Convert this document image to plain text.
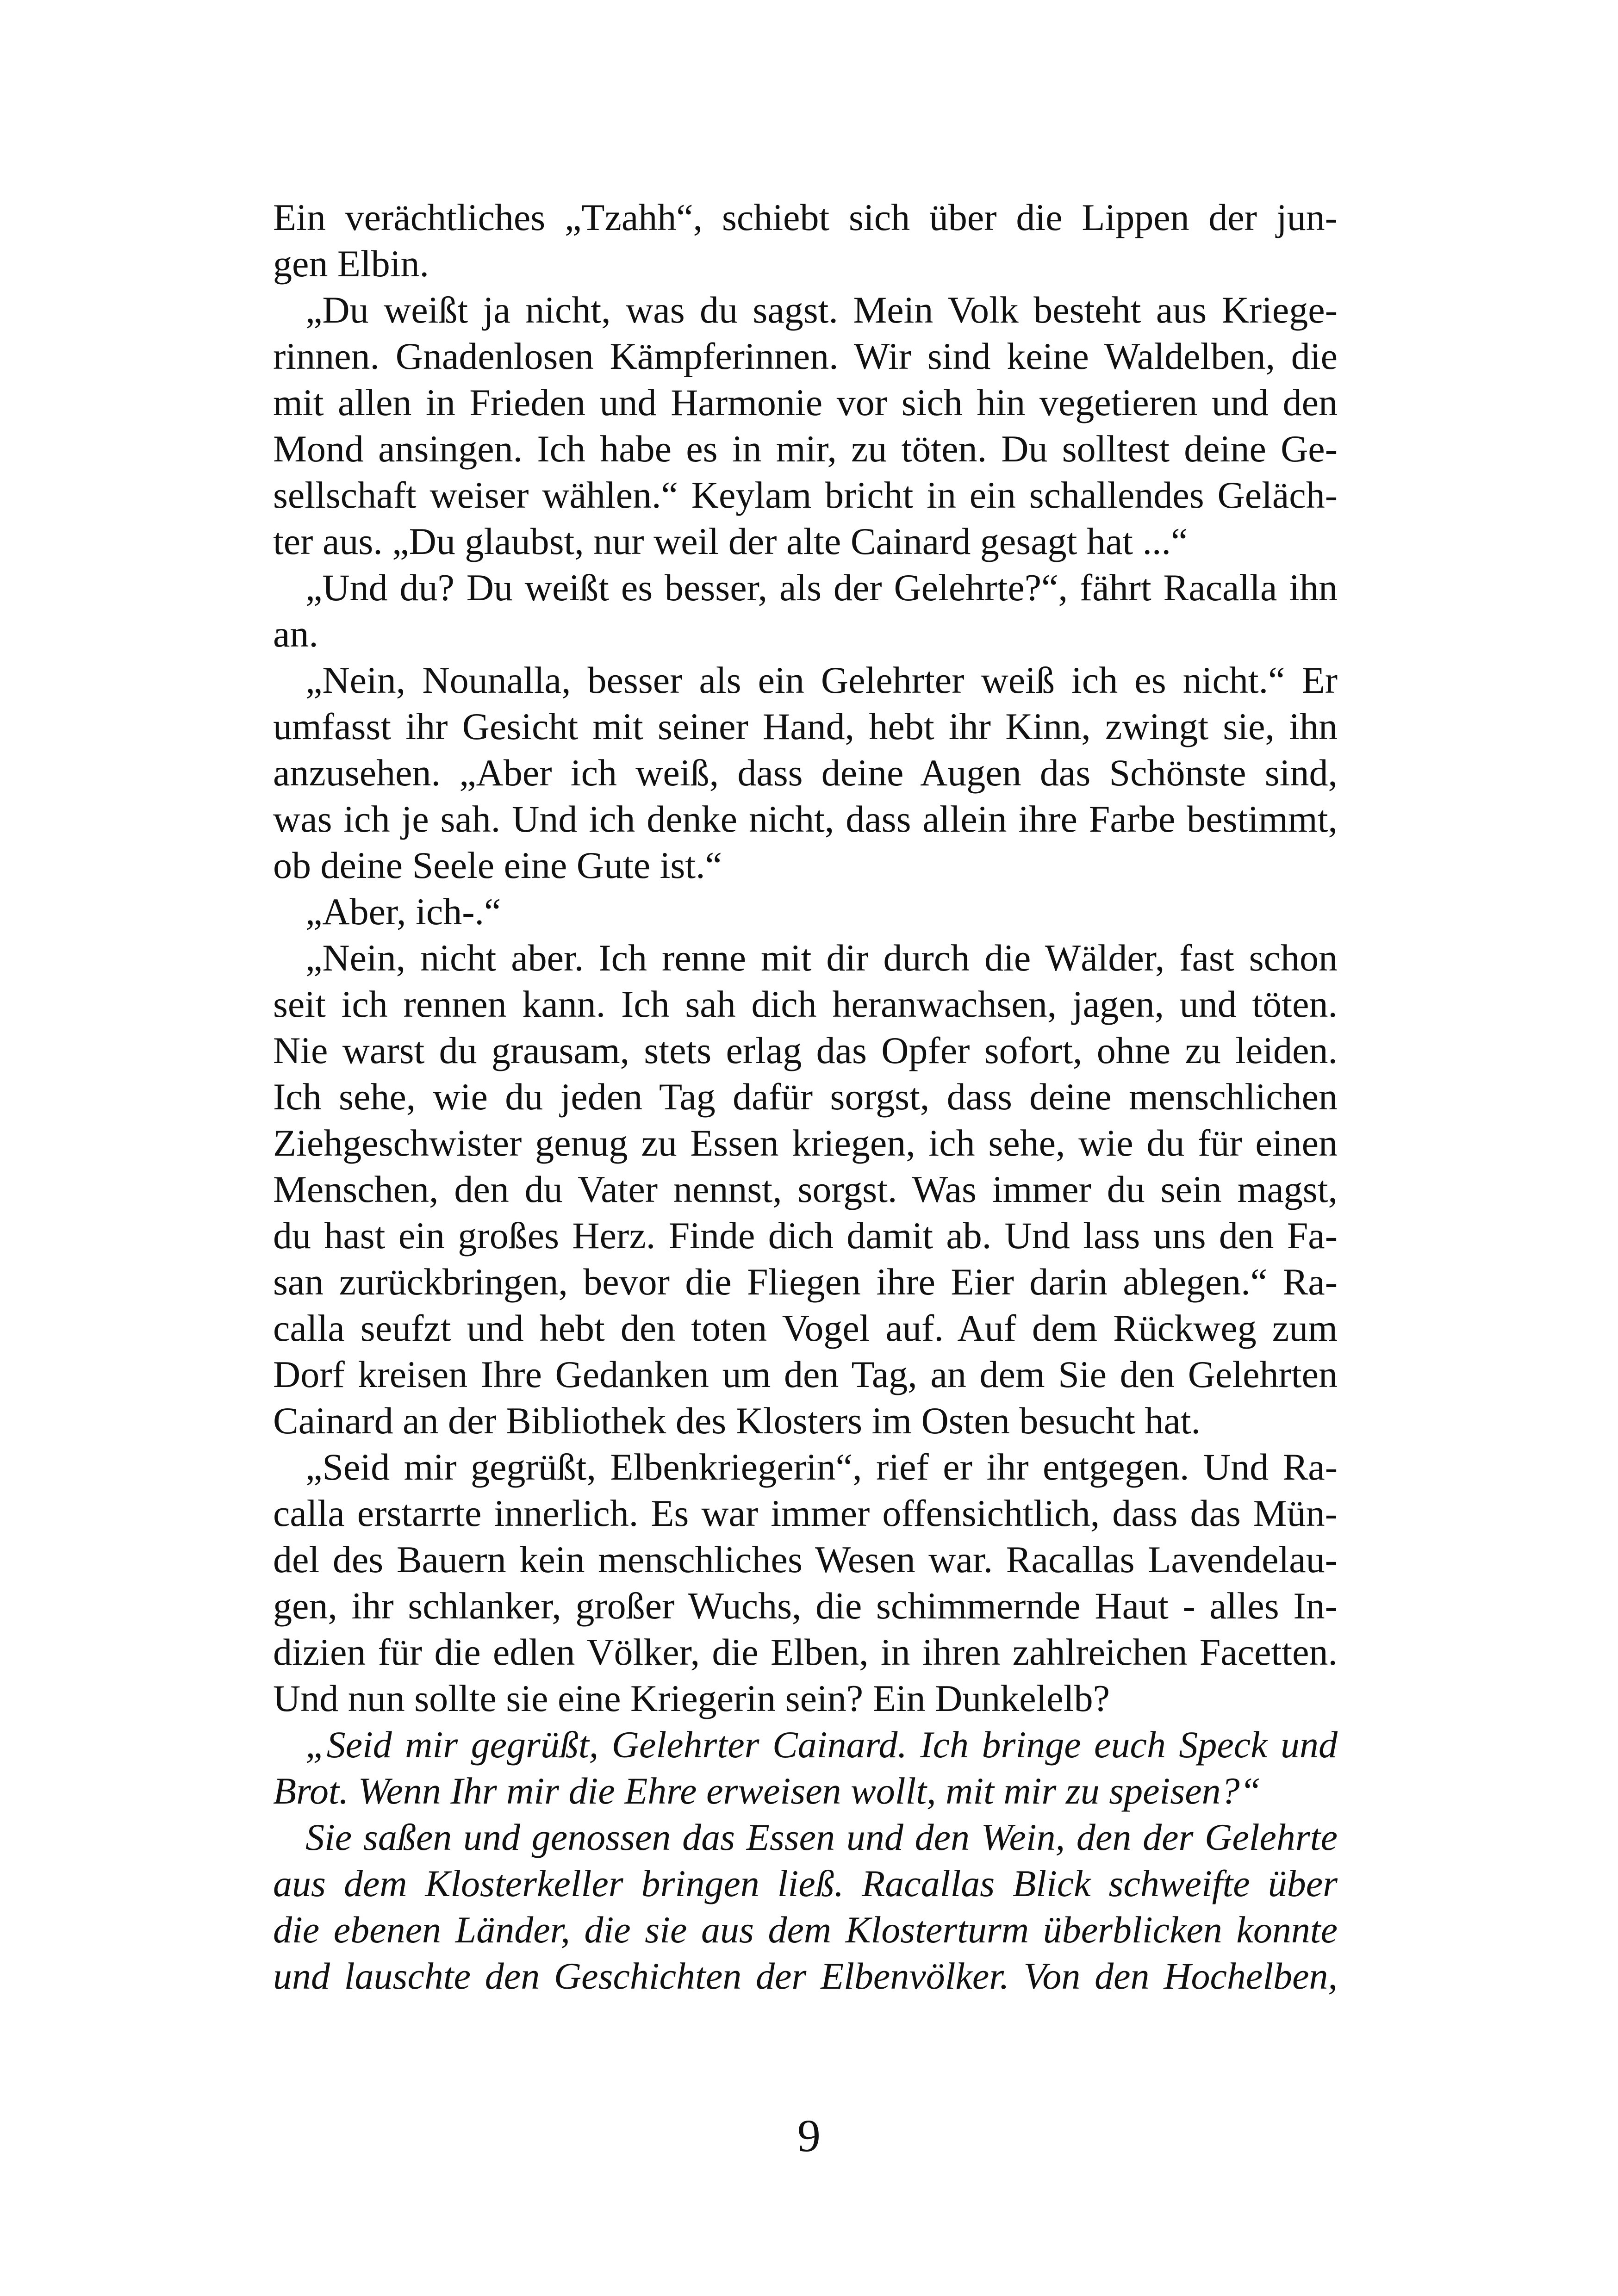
Ein verächtliches „Tzahh“, schiebt sich über die Lippen der jun-
gen Elbin.
„Du weißt ja nicht, was du sagst. Mein Volk besteht aus Kriege-
rinnen. Gnadenlosen Kämpferinnen. Wir sind keine Waldelben, die
mit allen in Frieden und Harmonie vor sich hin vegetieren und den
Mond ansingen. Ich habe es in mir, zu töten. Du solltest deine Ge-
sellschaft weiser wählen.“ Keylam bricht in ein schallendes Geläch-
ter aus. „Du glaubst, nur weil der alte Cainard gesagt hat ...“
„Und du? Du weißt es besser, als der Gelehrte?“, fährt Racalla ihn
an.
„Nein, Nounalla, besser als ein Gelehrter weiß ich es nicht.“ Er
umfasst ihr Gesicht mit seiner Hand, hebt ihr Kinn, zwingt sie, ihn
anzusehen. „Aber ich weiß, dass deine Augen das Schönste sind,
was ich je sah. Und ich denke nicht, dass allein ihre Farbe bestimmt,
ob deine Seele eine Gute ist.“
„Aber, ich-.“
„Nein, nicht aber. Ich renne mit dir durch die Wälder, fast schon
seit ich rennen kann. Ich sah dich heranwachsen, jagen, und töten.
Nie warst du grausam, stets erlag das Opfer sofort, ohne zu leiden.
Ich sehe, wie du jeden Tag dafür sorgst, dass deine menschlichen
Ziehgeschwister genug zu Essen kriegen, ich sehe, wie du für einen
Menschen, den du Vater nennst, sorgst. Was immer du sein magst,
du hast ein großes Herz. Finde dich damit ab. Und lass uns den Fa-
san zurückbringen, bevor die Fliegen ihre Eier darin ablegen.“ Ra-
calla seufzt und hebt den toten Vogel auf. Auf dem Rückweg zum
Dorf kreisen Ihre Gedanken um den Tag, an dem Sie den Gelehrten
Cainard an der Bibliothek des Klosters im Osten besucht hat.
„Seid mir gegrüßt, Elbenkriegerin“, rief er ihr entgegen. Und Ra-
calla erstarrte innerlich. Es war immer offensichtlich, dass das Mün-
del des Bauern kein menschliches Wesen war. Racallas Lavendelau-
gen, ihr schlanker, großer Wuchs, die schimmernde Haut - alles In-
dizien für die edlen Völker, die Elben, in ihren zahlreichen Facetten.
Und nun sollte sie eine Kriegerin sein? Ein Dunkelelb?
„Seid mir gegrüßt, Gelehrter Cainard. Ich bringe euch Speck und
Brot. Wenn Ihr mir die Ehre erweisen wollt, mit mir zu speisen?“
Sie saßen und genossen das Essen und den Wein, den der Gelehrte
aus dem Klosterkeller bringen ließ. Racallas Blick schweifte über
die ebenen Länder, die sie aus dem Klosterturm überblicken konnte
und lauschte den Geschichten der Elbenvölker. Von den Hochelben,
9
